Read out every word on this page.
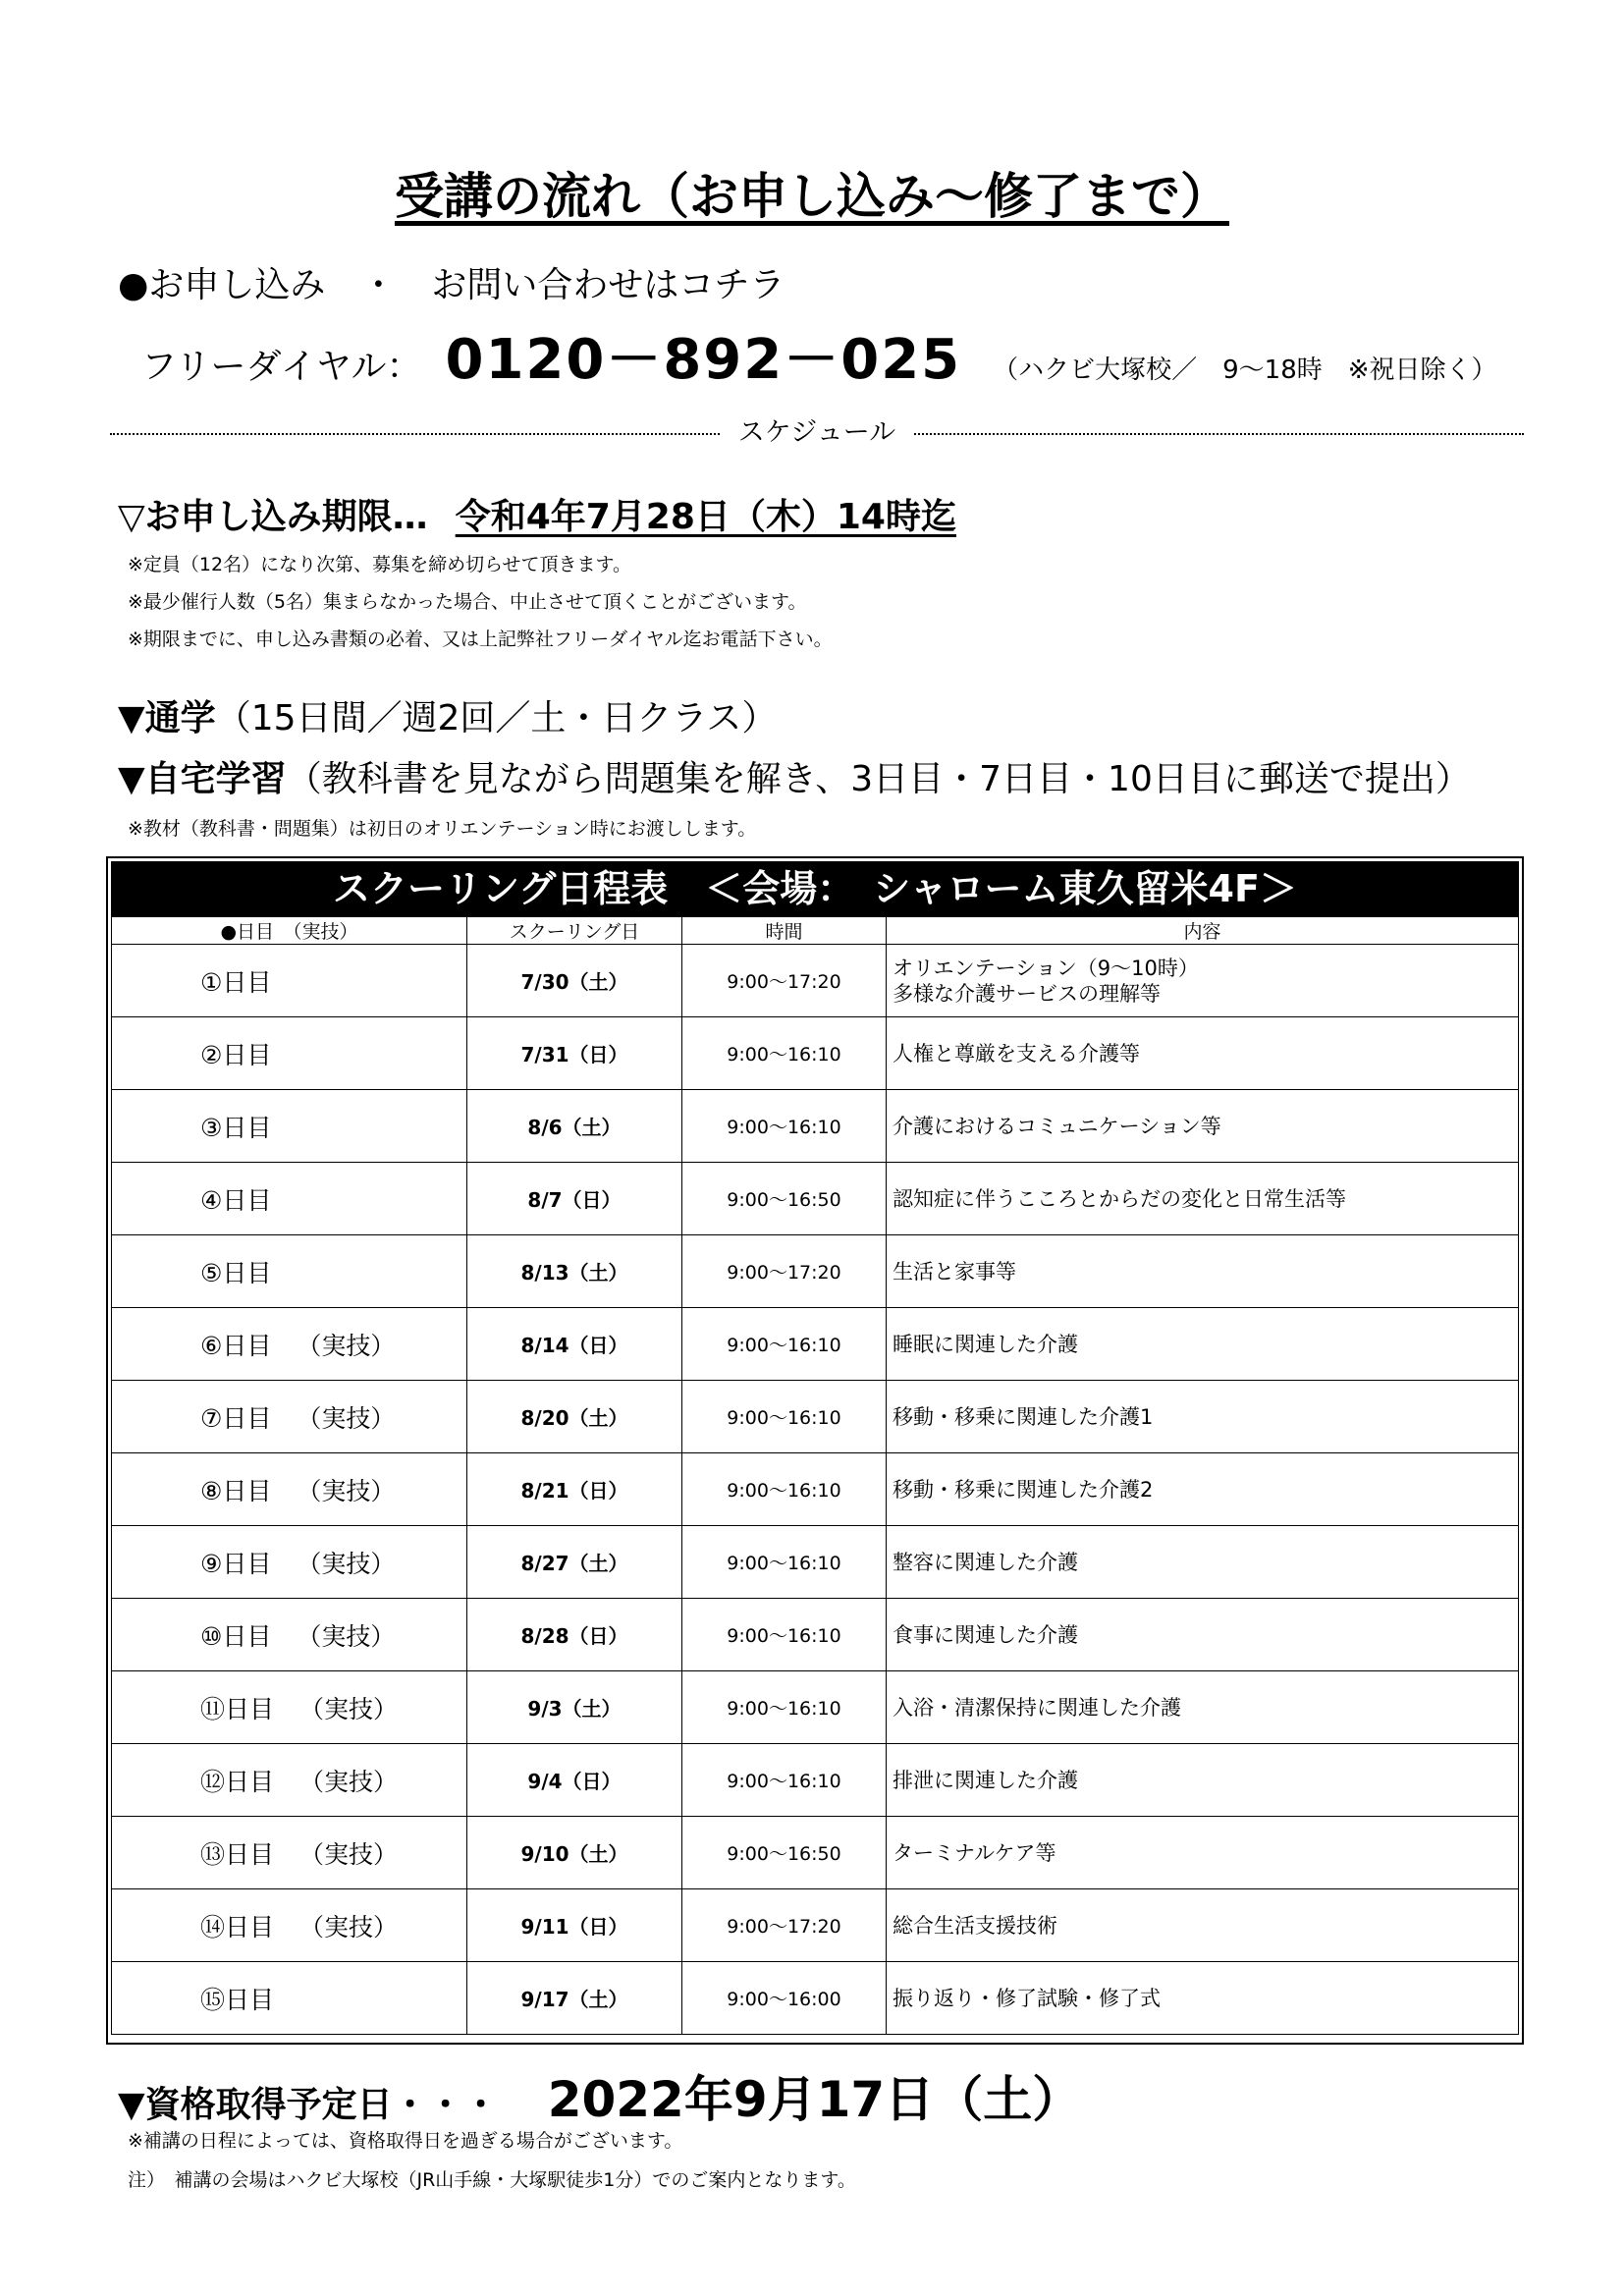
受講の流れ（お申し込み～修了まで）
●お申し込み　・　お問い合わせはコチラ
フリーダイヤル： 0120－892－025 （ハクビ大塚校／　9～18時　※祝日除く）
スケジュール
▽お申し込み期限… 令和4年7月28日（木）14時迄
※定員（12名）になり次第、募集を締め切らせて頂きます。
※最少催行人数（5名）集まらなかった場合、中止させて頂くことがございます。
※期限までに、申し込み書類の必着、又は上記弊社フリーダイヤル迄お電話下さい。
▼通学（15日間／週2回／土・日クラス）
▼自宅学習（教科書を見ながら問題集を解き、3日目・7日目・10日目に郵送で提出）
※教材（教科書・問題集）は初日のオリエンテーション時にお渡しします。
スクーリング日程表　＜会場：　シャローム東久留米4F＞
●日目　（実技）	スクーリング日	時間	内容
①日目	7/30（土）	9:00～17:20	オリエンテーション（9～10時）
多様な介護サービスの理解等

②日目	7/31（日）	9:00～16:10	人権と尊厳を支える介護等

③日目	8/6（土）	9:00～16:10	介護におけるコミュニケーション等

④日目	8/7（日）	9:00～16:50	認知症に伴うこころとからだの変化と日常生活等

⑤日目	8/13（土）	9:00～17:20	生活と家事等

⑥日目 （実技）	8/14（日）	9:00～16:10	睡眠に関連した介護

⑦日目 （実技）	8/20（土）	9:00～16:10	移動・移乗に関連した介護1

⑧日目 （実技）	8/21（日）	9:00～16:10	移動・移乗に関連した介護2

⑨日目 （実技）	8/27（土）	9:00～16:10	整容に関連した介護

⑩日目 （実技）	8/28（日）	9:00～16:10	食事に関連した介護

⑪日目 （実技）	9/3（土）	9:00～16:10	入浴・清潔保持に関連した介護

⑫日目 （実技）	9/4（日）	9:00～16:10	排泄に関連した介護

⑬日目 （実技）	9/10（土）	9:00～16:50	ターミナルケア等

⑭日目 （実技）	9/11（日）	9:00～17:20	総合生活支援技術

⑮日目	9/17（土）	9:00～16:00	振り返り・修了試験・修了式
▼資格取得予定日・・・ 2022年9月17日（土）
※補講の日程によっては、資格取得日を過ぎる場合がございます。
注）　補講の会場はハクビ大塚校（JR山手線・大塚駅徒歩1分）でのご案内となります。
